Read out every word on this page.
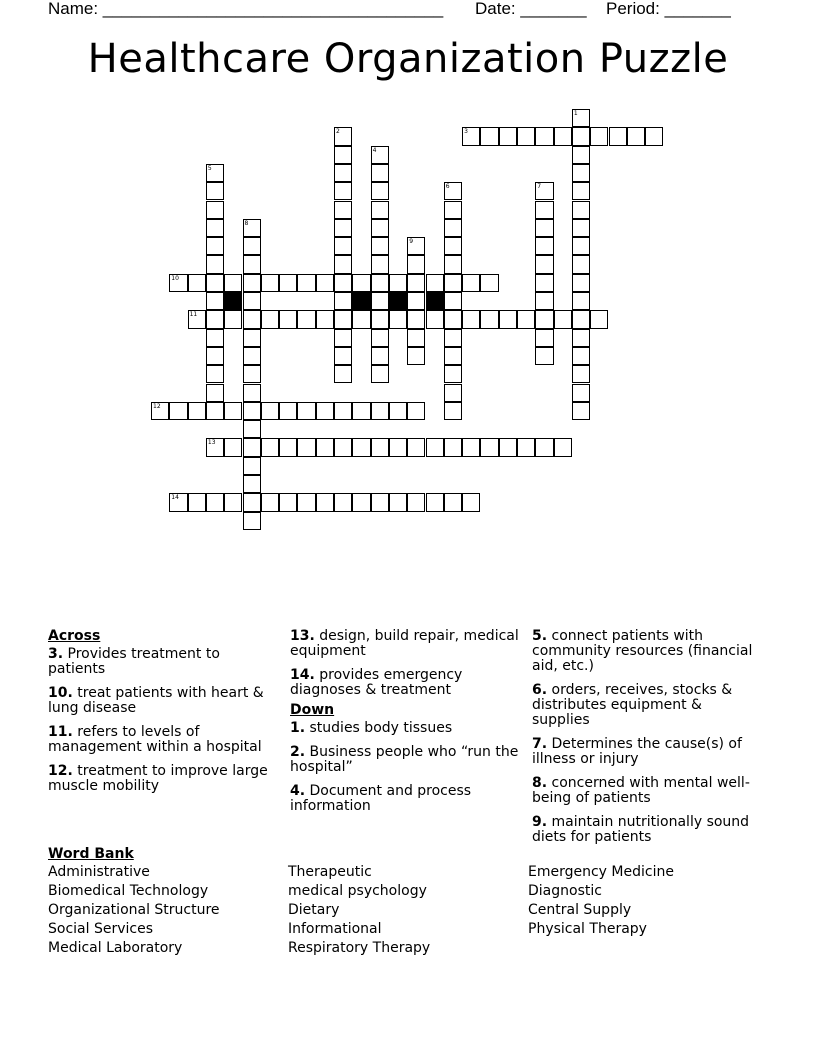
Name: ____________________________________ Date: _______ Period: _______
Healthcare Organization Puzzle
3
10
11
12
13
14
1
2
4
5
6	7
8
9
Across
3. Provides treatment to patients
10. treat patients with heart & lung disease
11. refers to levels of management within a hospital
12. treatment to improve large muscle mobility
13. design, build repair, medical equipment
14. provides emergency diagnoses & treatment
Down
1. studies body tissues
2. Business people who “run the hospital”
4. Document and process information
5. connect patients with community resources (financial aid, etc.)
6. orders, receives, stocks & distributes equipment & supplies
7. Determines the cause(s) of illness or injury
8. concerned with mental well-being of patients
9. maintain nutritionally sound diets for patients
Word Bank
Administrative
Biomedical Technology
Organizational Structure
Social Services
Medical Laboratory
Therapeutic
medical psychology
Dietary
Informational
Respiratory Therapy
Emergency Medicine
Diagnostic
Central Supply
Physical Therapy
